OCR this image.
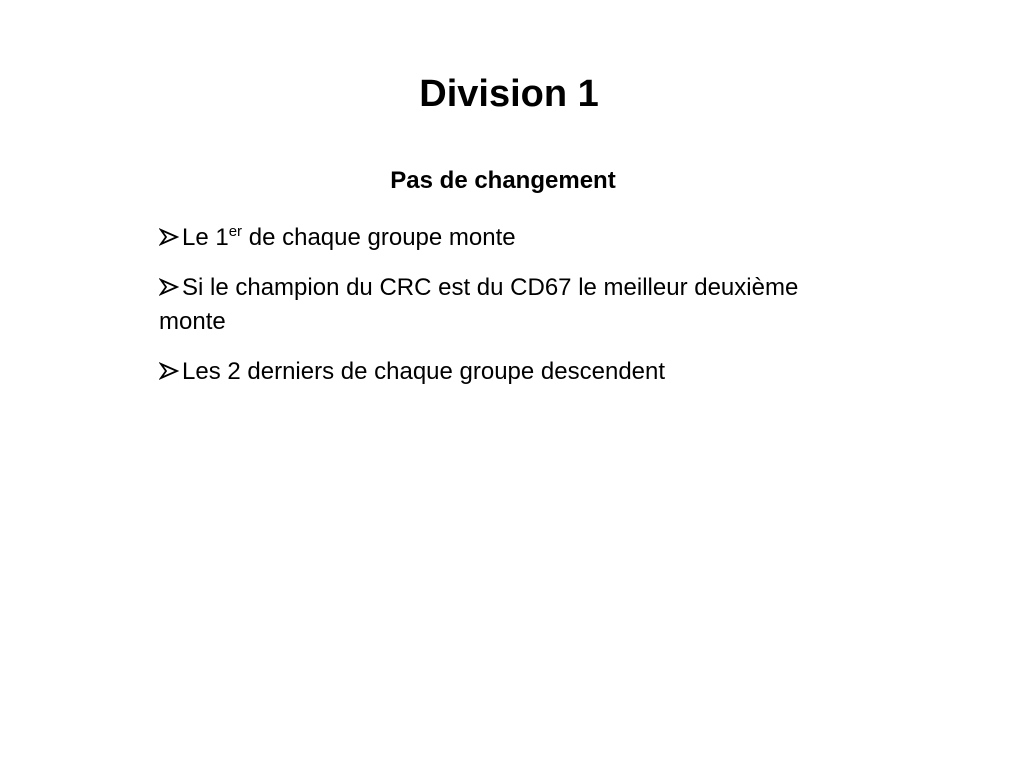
Division 1
Pas de changement
Le 1er de chaque groupe monte
Si le champion du CRC est du CD67 le meilleur deuxième monte
Les 2 derniers de chaque groupe descendent
